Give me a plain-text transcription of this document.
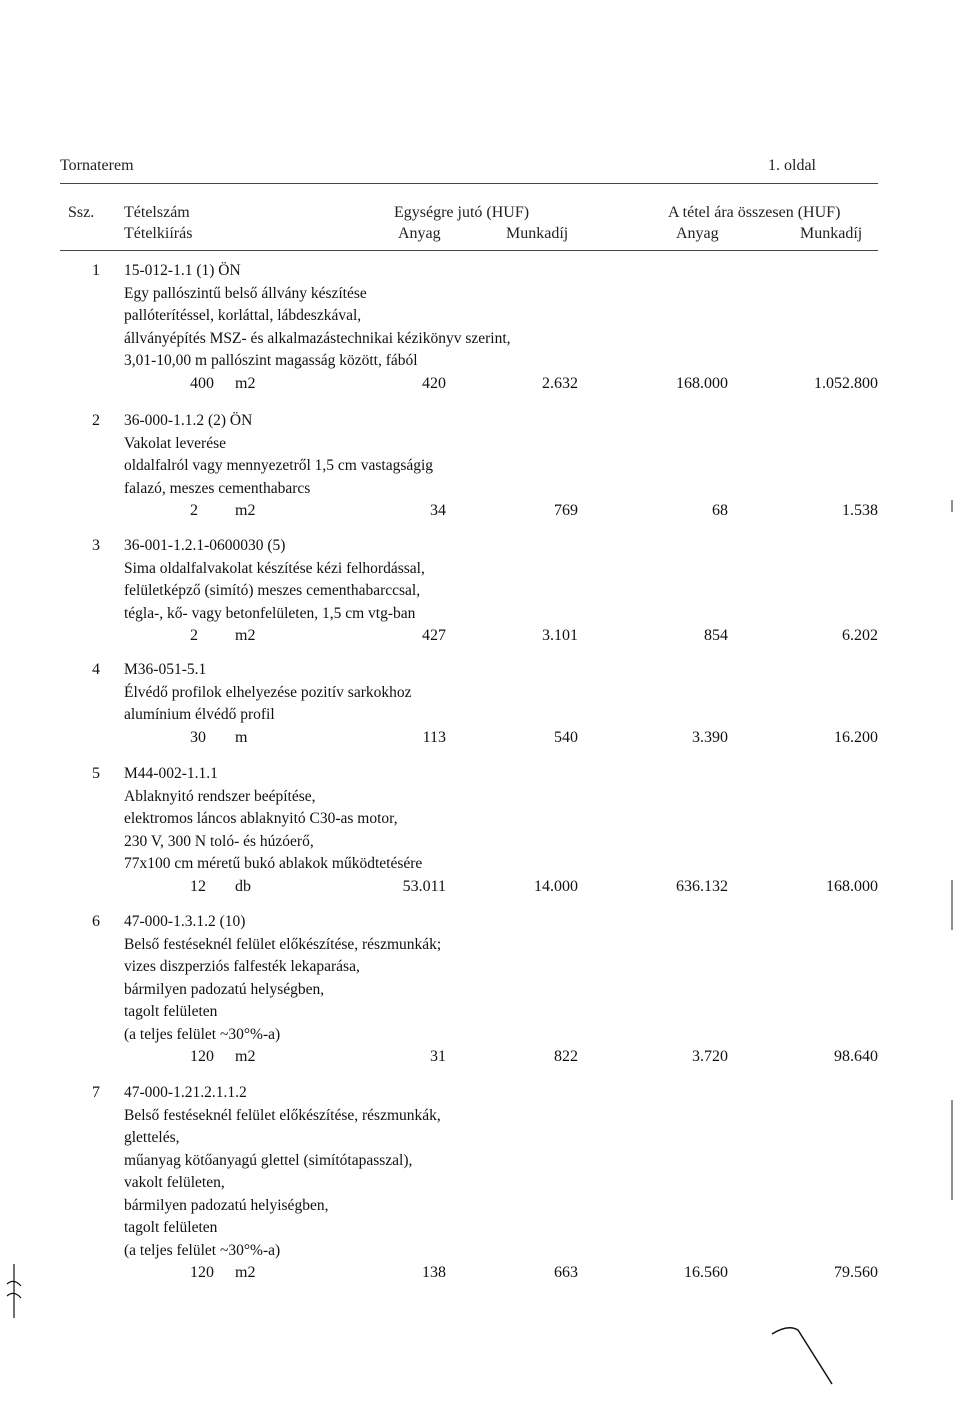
Tornaterem	1. oldal
Ssz. Tételszám
Tételkiírás
Egységre jutó (HUF)
Anyag	Munkadíj
A tétel ára összesen (HUF)
Anyag	Munkadíj
1 15-012-1.1 (1) ÖN
Egy pallószintű belső állvány készítése
pallóterítéssel, korláttal, lábdeszkával,
állványépítés MSZ- és alkalmazástechnikai kézikönyv szerint,
3,01-10,00 m pallószint magasság között, fából
400 m2	420	2.632	168.000	1.052.800
2 36-000-1.1.2 (2) ÖN
Vakolat leverése
oldalfalról vagy mennyezetről 1,5 cm vastagságig
falazó, meszes cementhabarcs
2 m2	34	769	68	1.538
3 36-001-1.2.1-0600030 (5)
Sima oldalfalvakolat készítése kézi felhordással,
felületképző (simító) meszes cementhabarccsal,
tégla-, kő- vagy betonfelületen, 1,5 cm vtg-ban
2 m2	427	3.101	854	6.202
4 M36-051-5.1
Élvédő profilok elhelyezése pozitív sarkokhoz
alumínium élvédő profil
30 m	113	540	3.390	16.200
5 M44-002-1.1.1
Ablaknyitó rendszer beépítése,
elektromos láncos ablaknyitó C30-as motor,
230 V, 300 N toló- és húzóerő,
77x100 cm méretű bukó ablakok működtetésére
12 db	53.011	14.000	636.132	168.000
6 47-000-1.3.1.2 (10)
Belső festéseknél felület előkészítése, részmunkák;
vizes diszperziós falfesték lekaparása,
bármilyen padozatú helységben,
tagolt felületen
(a teljes felület ~30°%-a)
120 m2	31	822	3.720	98.640
7 47-000-1.21.2.1.1.2
Belső festéseknél felület előkészítése, részmunkák,
glettelés,
műanyag kötőanyagú glettel (simítótapasszal),
vakolt felületen,
bármilyen padozatú helyiségben,
tagolt felületen
(a teljes felület ~30°%-a)
120 m2	138	663	16.560	79.560
